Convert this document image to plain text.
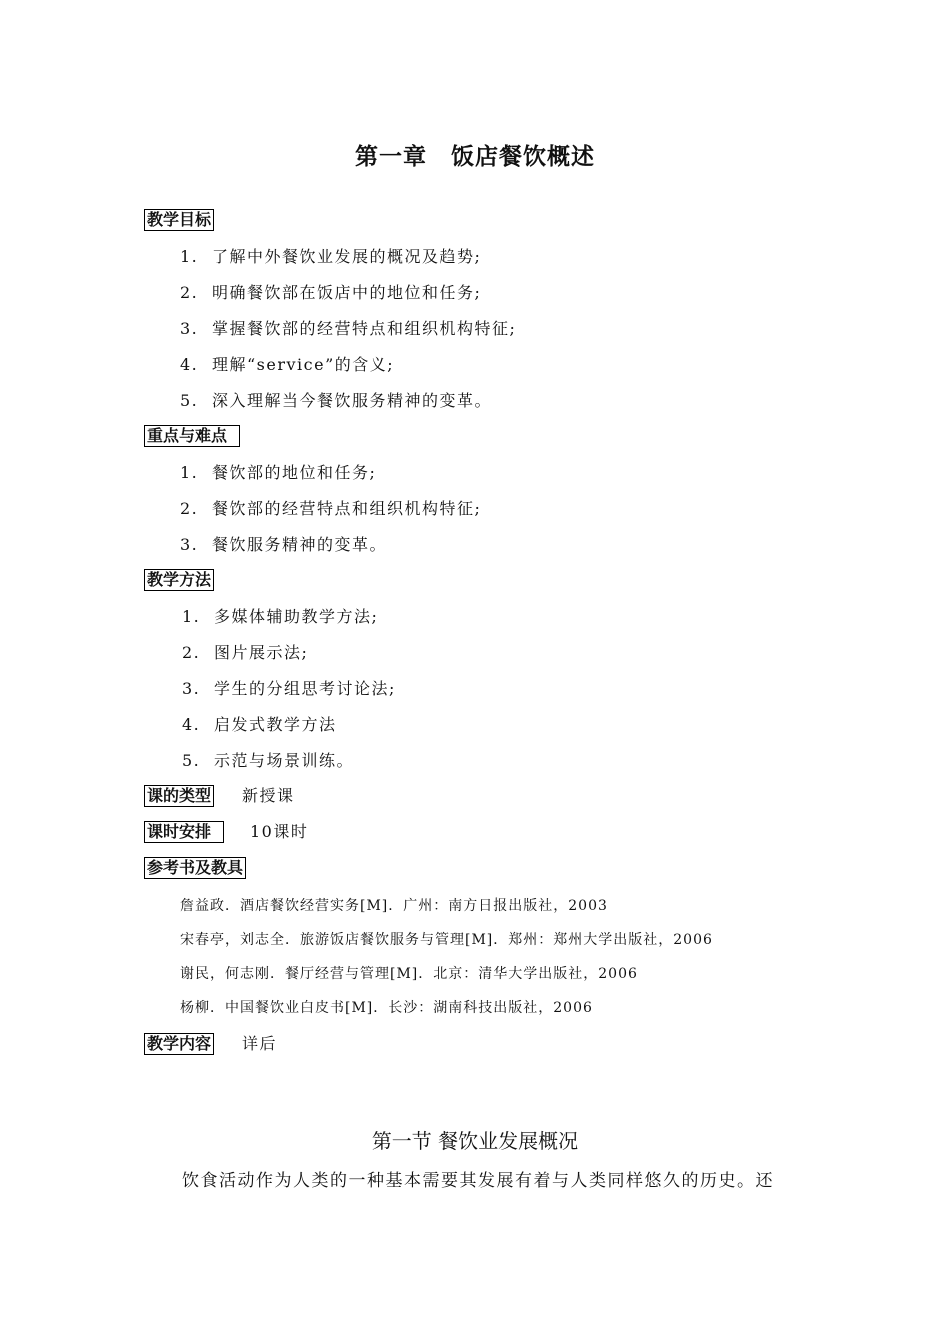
第一章　饭店餐饮概述
教学目标
1. 了解中外餐饮业发展的概况及趋势;
2. 明确餐饮部在饭店中的地位和任务;
3. 掌握餐饮部的经营特点和组织机构特征;
4. 理解“service”的含义;
5. 深入理解当今餐饮服务精神的变革。
重点与难点
1. 餐饮部的地位和任务;
2. 餐饮部的经营特点和组织机构特征;
3. 餐饮服务精神的变革。
教学方法
1. 多媒体辅助教学方法;
2. 图片展示法;
3. 学生的分组思考讨论法;
4. 启发式教学方法
5. 示范与场景训练。
课的类型 新授课
课时安排	10课时
参考书及教具
詹益政．酒店餐饮经营实务[M]．广州：南方日报出版社，2003
宋春亭，刘志全．旅游饭店餐饮服务与管理[M]．郑州：郑州大学出版社，2006
谢民，何志刚．餐厅经营与管理[M]．北京：清华大学出版社，2006
杨柳．中国餐饮业白皮书[M]．长沙：湖南科技出版社，2006
教学内容 详后
第一节 餐饮业发展概况
饮食活动作为人类的一种基本需要其发展有着与人类同样悠久的历史。还
